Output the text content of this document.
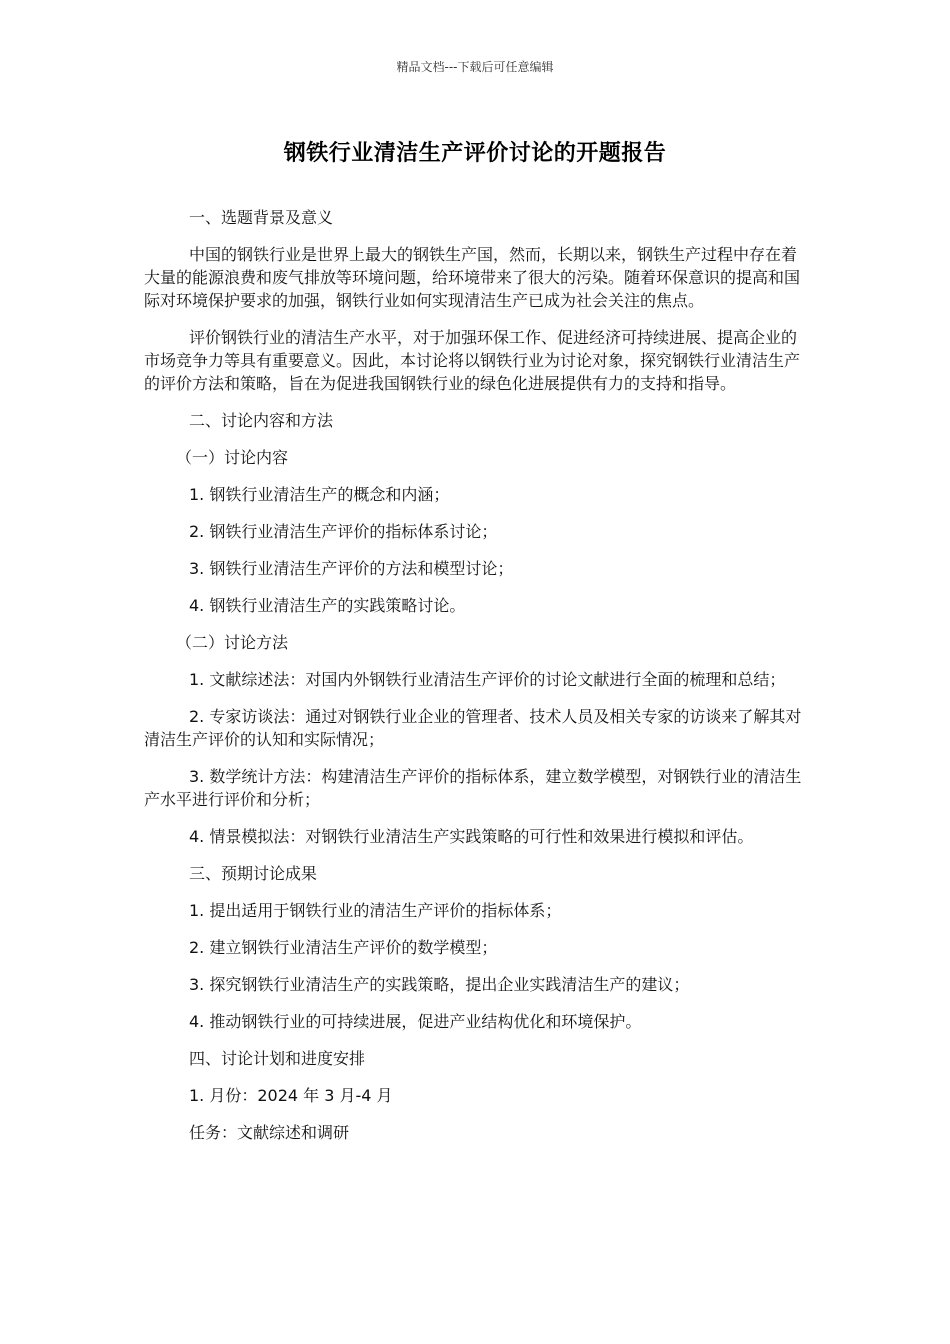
精品文档---下载后可任意编辑
钢铁行业清洁生产评价讨论的开题报告

一、选题背景及意义

中国的钢铁行业是世界上最大的钢铁生产国，然而，长期以来，钢铁生产过程中存在着大量的能源浪费和废气排放等环境问题，给环境带来了很大的污染。随着环保意识的提高和国际对环境保护要求的加强，钢铁行业如何实现清洁生产已成为社会关注的焦点。

评价钢铁行业的清洁生产水平，对于加强环保工作、促进经济可持续进展、提高企业的市场竞争力等具有重要意义。因此，本讨论将以钢铁行业为讨论对象，探究钢铁行业清洁生产的评价方法和策略，旨在为促进我国钢铁行业的绿色化进展提供有力的支持和指导。

二、讨论内容和方法

（一）讨论内容

1. 钢铁行业清洁生产的概念和内涵；

2. 钢铁行业清洁生产评价的指标体系讨论；

3. 钢铁行业清洁生产评价的方法和模型讨论；

4. 钢铁行业清洁生产的实践策略讨论。

（二）讨论方法

1. 文献综述法：对国内外钢铁行业清洁生产评价的讨论文献进行全面的梳理和总结；

2. 专家访谈法：通过对钢铁行业企业的管理者、技术人员及相关专家的访谈来了解其对清洁生产评价的认知和实际情况；

3. 数学统计方法：构建清洁生产评价的指标体系，建立数学模型，对钢铁行业的清洁生产水平进行评价和分析；

4. 情景模拟法：对钢铁行业清洁生产实践策略的可行性和效果进行模拟和评估。

三、预期讨论成果

1. 提出适用于钢铁行业的清洁生产评价的指标体系；

2. 建立钢铁行业清洁生产评价的数学模型；

3. 探究钢铁行业清洁生产的实践策略，提出企业实践清洁生产的建议；

4. 推动钢铁行业的可持续进展，促进产业结构优化和环境保护。

四、讨论计划和进度安排

1. 月份：2024 年 3 月-4 月

任务：文献综述和调研
